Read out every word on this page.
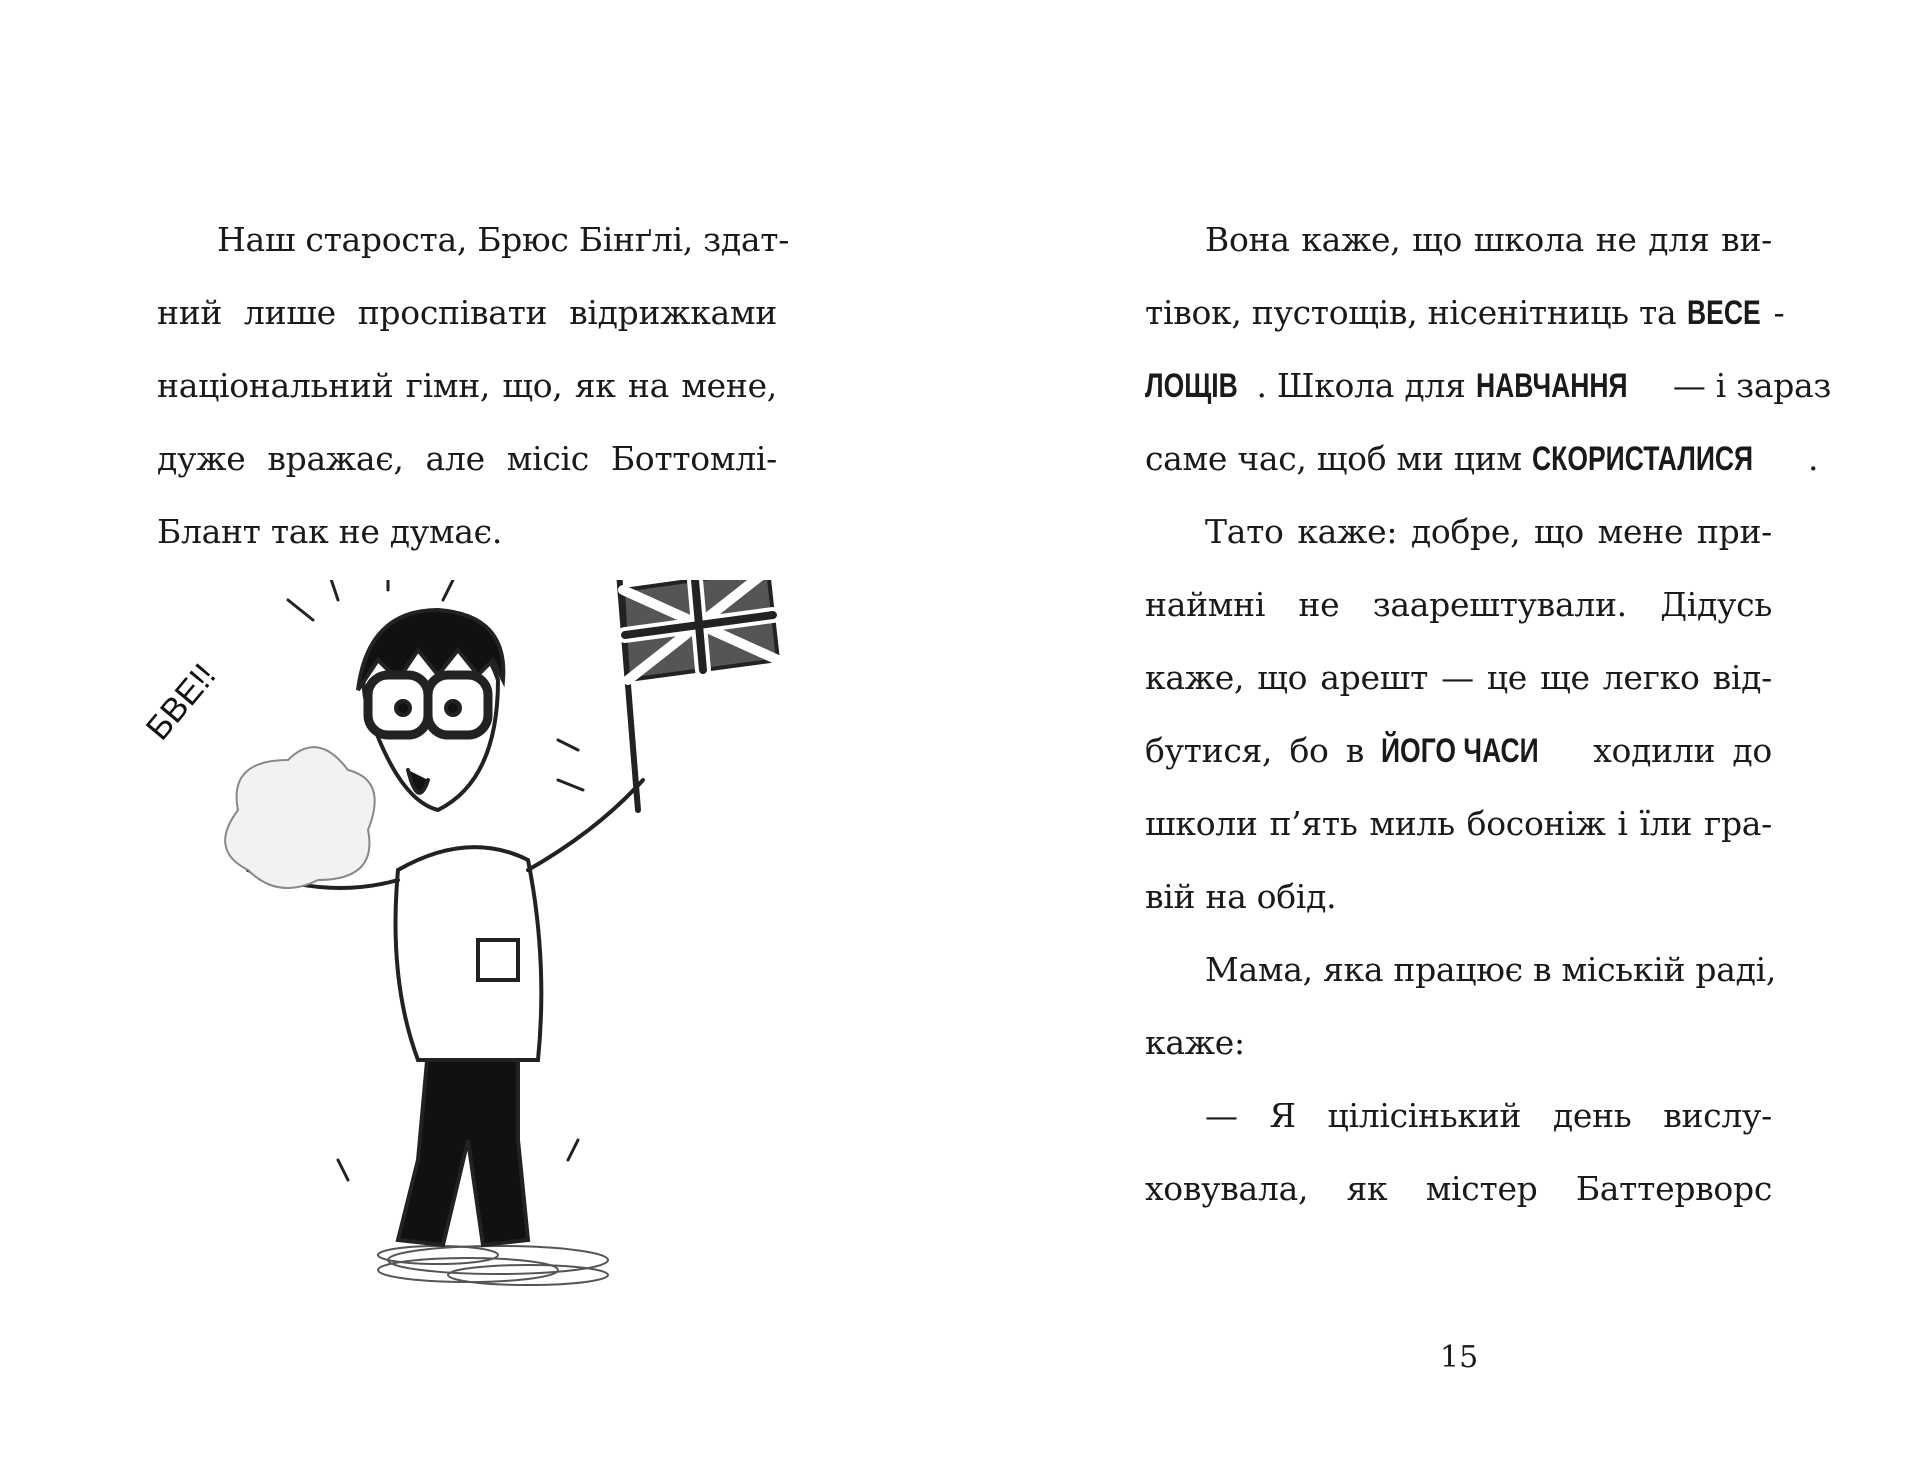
Наш староста, Брюс Бінґлі, здат-
ний лише проспівати відрижками
національний гімн, що, як на мене,
дуже вражає, але місіс Боттомлі-
Блант так не думає.
БВЕ!!
Вона каже, що школа не для ви-
тівок, пустощів, нісенітниць та ВЕСЕ -
ЛОЩІВ . Школа для НАВЧАННЯ — і зараз
саме час, щоб ми цим СКОРИСТАЛИСЯ .
Тато каже: добре, що мене при-
наймні не заарештували. Дідусь
каже, що арешт — це ще легко від-
бутися, бо в ЙОГО ЧАСИ ходили до
школи п’ять миль босоніж і їли гра-
вій на обід.
Мама, яка працює в міській раді,
каже:
— Я цілісінький день вислу-
ховувала, як містер Баттерворс
15
